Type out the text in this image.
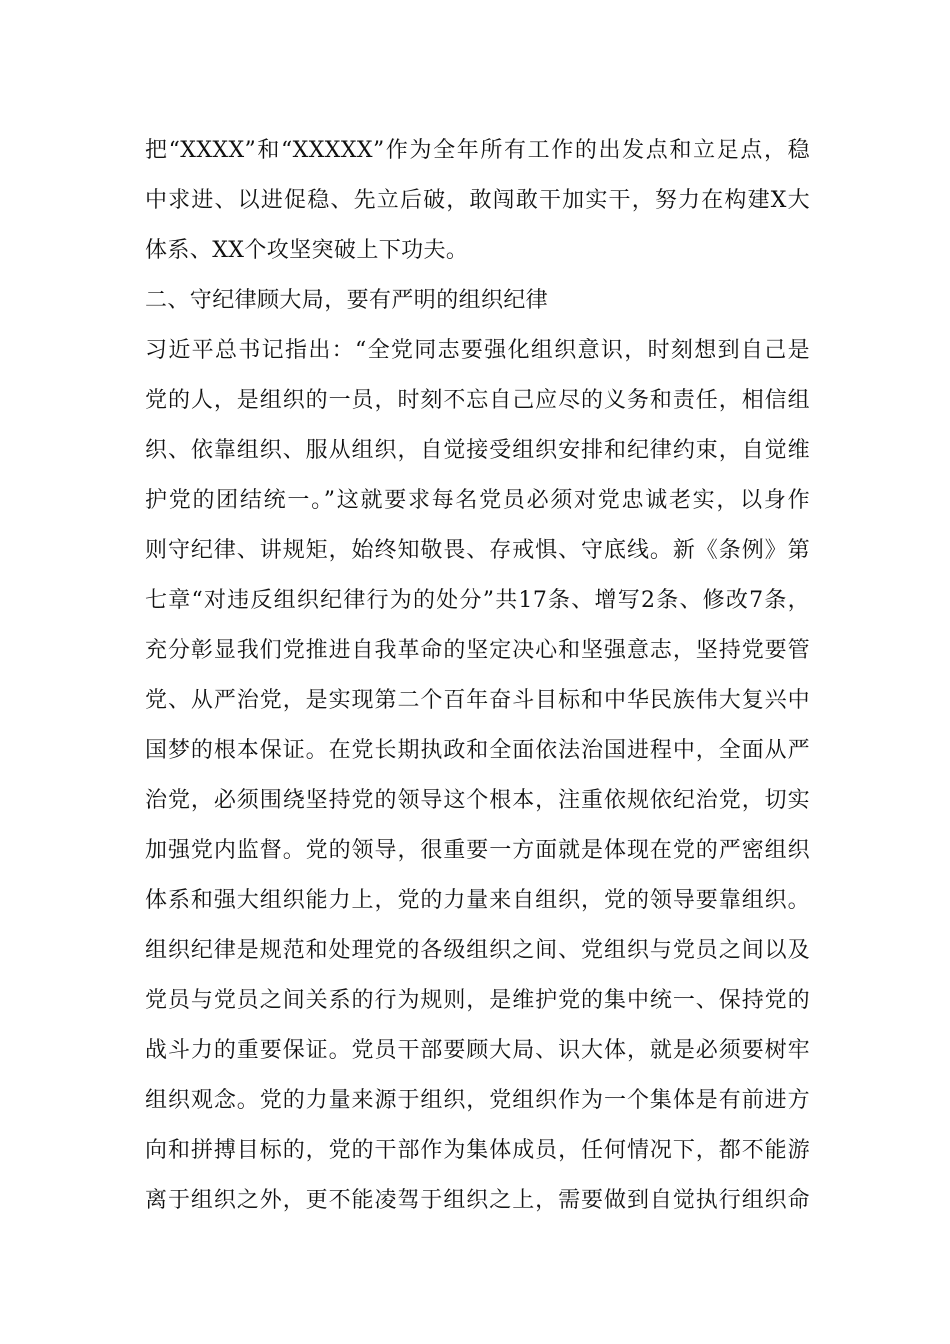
把“XXXX”和“XXXXX”作为全年所有工作的出发点和立足点，稳
中求进、以进促稳、先立后破，敢闯敢干加实干，努力在构建X大
体系、XX个攻坚突破上下功夫。
二、守纪律顾大局，要有严明的组织纪律
习近平总书记指出：“全党同志要强化组织意识，时刻想到自己是
党的人，是组织的一员，时刻不忘自己应尽的义务和责任，相信组
织、依靠组织、服从组织，自觉接受组织安排和纪律约束，自觉维
护党的团结统一。”这就要求每名党员必须对党忠诚老实，以身作
则守纪律、讲规矩，始终知敬畏、存戒惧、守底线。新《条例》第
七章“对违反组织纪律行为的处分”共17条、增写2条、修改7条，
充分彰显我们党推进自我革命的坚定决心和坚强意志，坚持党要管
党、从严治党，是实现第二个百年奋斗目标和中华民族伟大复兴中
国梦的根本保证。在党长期执政和全面依法治国进程中，全面从严
治党，必须围绕坚持党的领导这个根本，注重依规依纪治党，切实
加强党内监督。党的领导，很重要一方面就是体现在党的严密组织
体系和强大组织能力上，党的力量来自组织，党的领导要靠组织。
组织纪律是规范和处理党的各级组织之间、党组织与党员之间以及
党员与党员之间关系的行为规则，是维护党的集中统一、保持党的
战斗力的重要保证。党员干部要顾大局、识大体，就是必须要树牢
组织观念。党的力量来源于组织，党组织作为一个集体是有前进方
向和拼搏目标的，党的干部作为集体成员，任何情况下，都不能游
离于组织之外，更不能凌驾于组织之上，需要做到自觉执行组织命
